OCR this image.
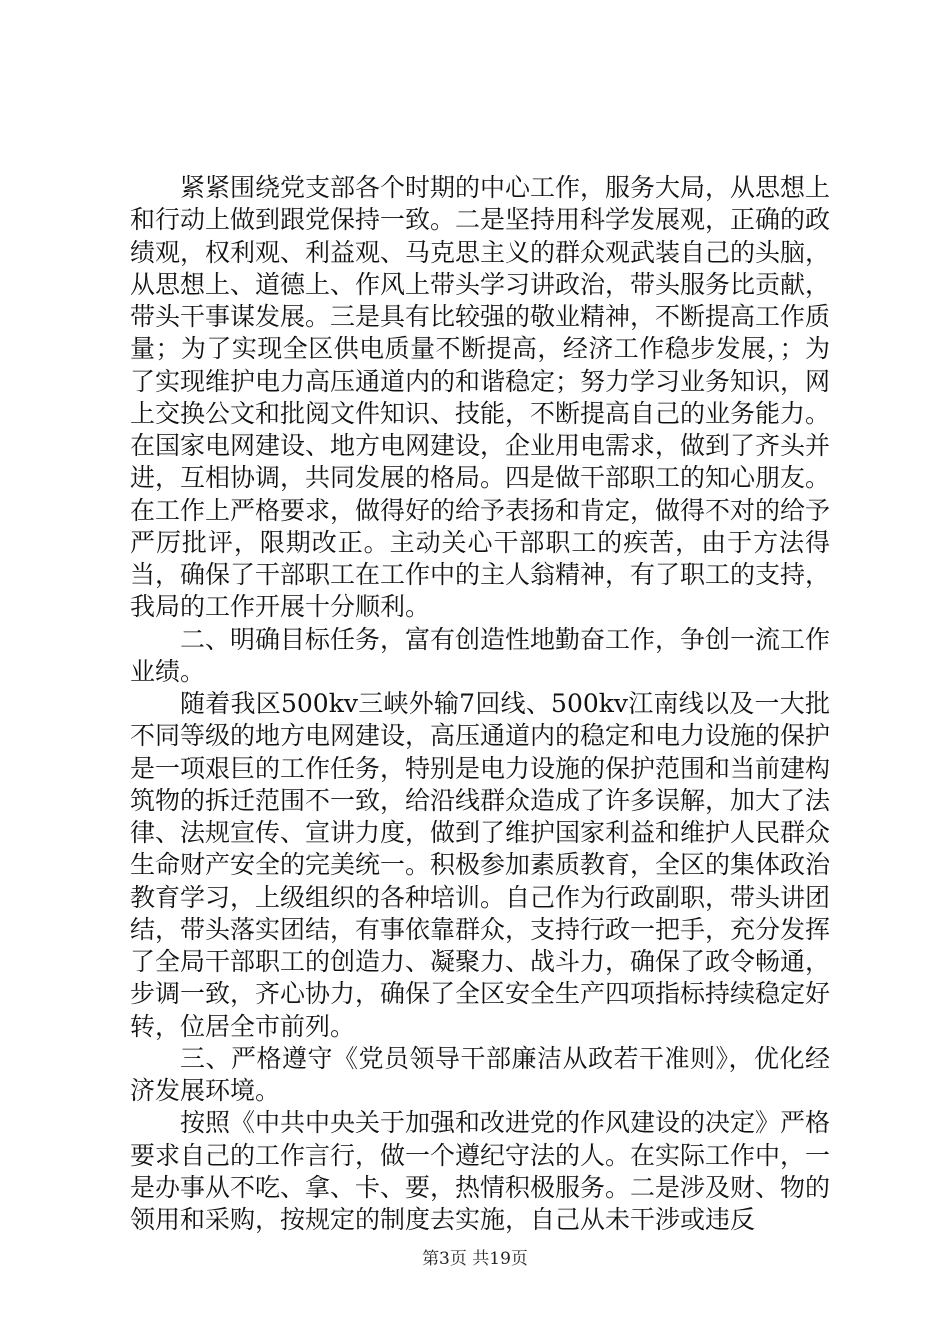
紧紧围绕党支部各个时期的中心工作，服务大局，从思想上和行动上做到跟党保持一致。二是坚持用科学发展观，正确的政绩观，权利观、利益观、马克思主义的群众观武装自己的头脑，从思想上、道德上、作风上带头学习讲政治，带头服务比贡献，带头干事谋发展。三是具有比较强的敬业精神，不断提高工作质量；为了实现全区供电质量不断提高，经济工作稳步发展，；为了实现维护电力高压通道内的和谐稳定；努力学习业务知识，网上交换公文和批阅文件知识、技能，不断提高自己的业务能力。在国家电网建设、地方电网建设，企业用电需求，做到了齐头并进，互相协调，共同发展的格局。四是做干部职工的知心朋友。在工作上严格要求，做得好的给予表扬和肯定，做得不对的给予严厉批评，限期改正。主动关心干部职工的疾苦，由于方法得当，确保了干部职工在工作中的主人翁精神，有了职工的支持，我局的工作开展十分顺利。

二、明确目标任务，富有创造性地勤奋工作，争创一流工作业绩。

随着我区500kv三峡外输7回线、500kv江南线以及一大批不同等级的地方电网建设，高压通道内的稳定和电力设施的保护是一项艰巨的工作任务，特别是电力设施的保护范围和当前建构筑物的拆迁范围不一致，给沿线群众造成了许多误解，加大了法律、法规宣传、宣讲力度，做到了维护国家利益和维护人民群众生命财产安全的完美统一。积极参加素质教育，全区的集体政治教育学习，上级组织的各种培训。自己作为行政副职，带头讲团结，带头落实团结，有事依靠群众，支持行政一把手，充分发挥了全局干部职工的创造力、凝聚力、战斗力，确保了政令畅通，步调一致，齐心协力，确保了全区安全生产四项指标持续稳定好转，位居全市前列。

三、严格遵守《党员领导干部廉洁从政若干准则》，优化经济发展环境。

按照《中共中央关于加强和改进党的作风建设的决定》严格要求自己的工作言行，做一个遵纪守法的人。在实际工作中，一是办事从不吃、拿、卡、要，热情积极服务。二是涉及财、物的领用和采购，按规定的制度去实施，自己从未干涉或违反

第3页 共19页
